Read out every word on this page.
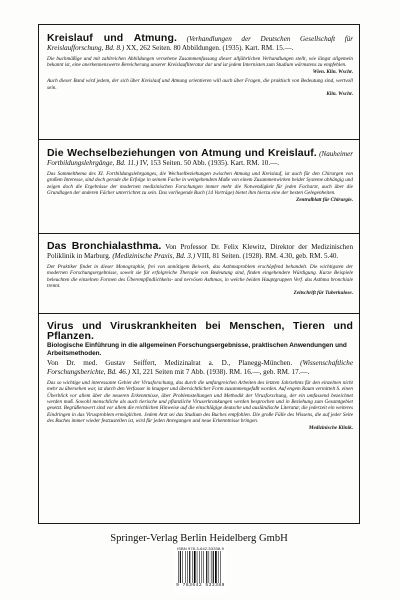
Kreislauf und Atmung. (Verhandlungen der Deutschen Gesellschaft für Kreislaufforschung, Bd. 8.) XX, 262 Seiten. 80 Abbildungen. (1935). Kart. RM. 15.—.

Die buchmäßige und mit zahlreichen Abbildungen versehene Zusammenfassung dieser alljährlichen Verhandlungen stellt, wie längst allgemein bekannt ist, eine anerkennenswerte Bereicherung unserer Kreislaufliteratur dar und ist jedem Internisten zum Studium wärmstens zu empfehlen.

Wien. Klin. Wschr.

Auch dieser Band wird jedem, der sich über Kreislauf und Atmung orientieren will auch über Fragen, die praktisch von Bedeutung sind, wertvoll sein.

Klin. Wschr.

Die Wechselbeziehungen von Atmung und Kreislauf. (Nauheimer Fortbildungslehrgänge, Bd. 11.) IV, 153 Seiten. 50 Abb. (1935). Kart. RM. 10.—.

Das Sammelthema des XI. Fortbildungslehrganges, die Wechselbeziehungen zwischen Atmung und Kreislauf, ist auch für den Chirurgen von großem Interesse, sind doch gerade die Erfolge in seinem Fache in weitgehendem Maße von einem Zusammenwirken beider Systeme abhängig und zeigen doch die Ergebnisse der modernen medizinischen Forschungen immer mehr die Notwendigkeit für jeden Facharzt, auch über die Grundlagen der anderen Fächer unterrichtet zu sein. Das vorliegende Buch (14 Vorträge) bietet ihm hierzu eine der besten Gelegenheiten.

Zentralblatt für Chirurgie.

Das Bronchialasthma. Von Professor Dr. Felix Klewitz, Direktor der Medizinischen Poliklinik in Marburg. (Medizinische Praxis, Bd. 3.) VIII, 81 Seiten. (1928). RM. 4.30, geb. RM. 5.40.

Der Praktiker findet in dieser Monographie, frei von unnötigem Beiwerk, das Asthmaproblem erschöpfend behandelt. Die wichtigsten der modernen Forschungsergebnisse, soweit sie für erfolgreiche Therapie von Bedeutung sind, finden eingehendere Würdigung. Kurze Beispiele beleuchten die einzelnen Formen des Überempfindlichkeits- und nervösen Asthmas, in welche beiden Hauptgruppen Verf. das Asthma bronchiale trennt.

Zeitschrift für Tuberkulose.

Virus und Viruskrankheiten bei Menschen, Tieren und Pflanzen.

Biologische Einführung in die allgemeinen Forschungsergebnisse, praktischen Anwendungen und Arbeitsmethoden.

Von Dr. med. Gustav Seiffert, Medizinalrat a. D., Planegg-München. (Wissenschaftliche Forschungsberichte, Bd. 46.) XI, 221 Seiten mit 7 Abb. (1938). RM. 16.—, geb. RM. 17.—.

Das so wichtige und interessante Gebiet der Virusforschung, das durch die umfangreichen Arbeiten des letzten Jahrzehnts für den einzelnen nicht mehr zu übersehen war, ist durch den Verfasser in knapper und übersichtlicher Form zusammengefaßt worden. Auf engem Raum vermittelt S. einen Überblick vor allem über die neueren Erkenntnisse, über Problemstellungen und Methodik der Virusforschung, der ein umfassend bezeichnet werden muß. Sowohl menschliche als auch tierische und pflanzliche Viruserkrankungen werden besprochen und in Beziehung zum Gesamtgebiet gesetzt. Begrüßenswert sind vor allem die reichlichen Hinweise auf die einschlägige deutsche und ausländische Literatur, die jederzeit ein weiteres Eindringen in das Virusproblem ermöglichen. Jedem Arzt sei das Studium des Buches empfohlen. Die große Fülle des Wissens, die auf jeder Seite des Buches immer wieder festzustellen ist, wird für jeden Anregungen und neue Erkenntnisse bringen.

Medizinische Klinik.

Springer-Verlag Berlin Heidelberg GmbH
ISBN 978-3-642-53338-9
9 783642 533389
